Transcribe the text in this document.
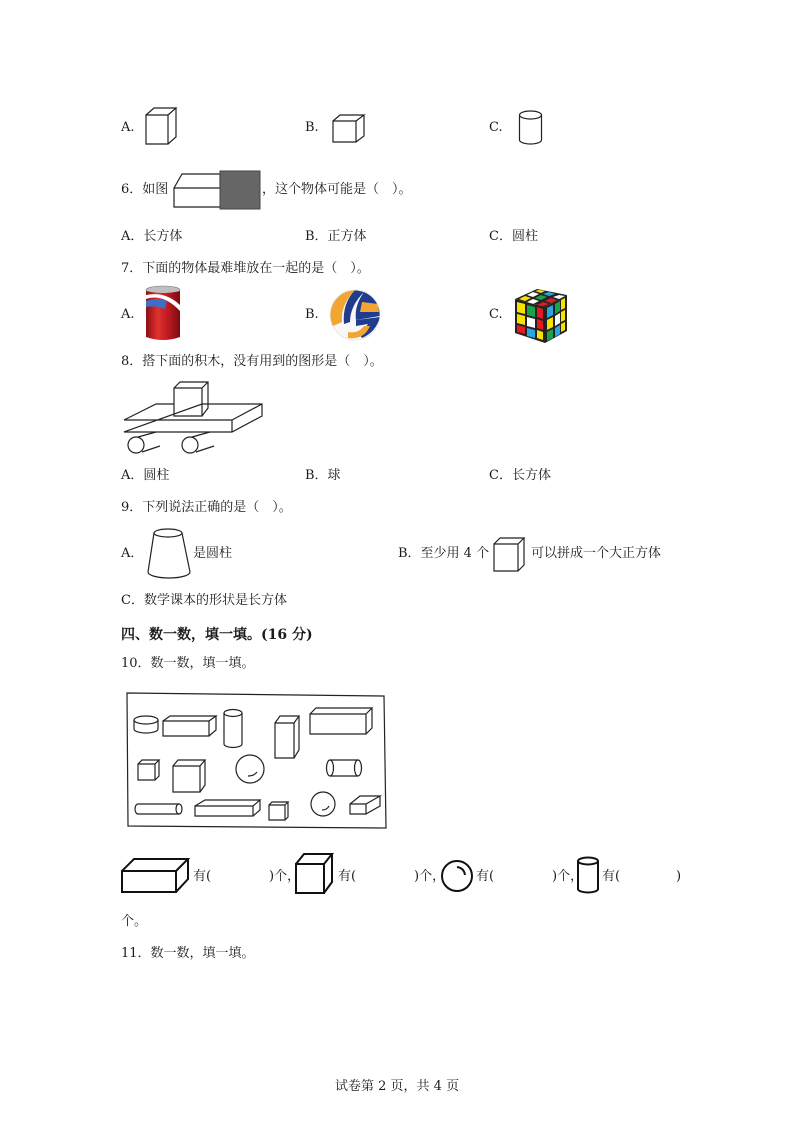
A.	B.	C.
6．如图	，这个物体可能是（　）。
A．长方体	B．正方体	C．圆柱
7．下面的物体最难堆放在一起的是（　）。
A.	B.	C.
8．搭下面的积木，没有用到的图形是（　）。
A．圆柱	B．球	C．长方体
9．下列说法正确的是（　）。
A．	是圆柱	B．至少用 4 个	可以拼成一个大正方体
C．数学课本的形状是长方体
四、数一数，填一填。(16 分)
10．数一数，填一填。
有(	)个，	有(	)个， 有(	)个， 有(	)
个。
11．数一数，填一填。
试卷第 2 页，共 4 页
